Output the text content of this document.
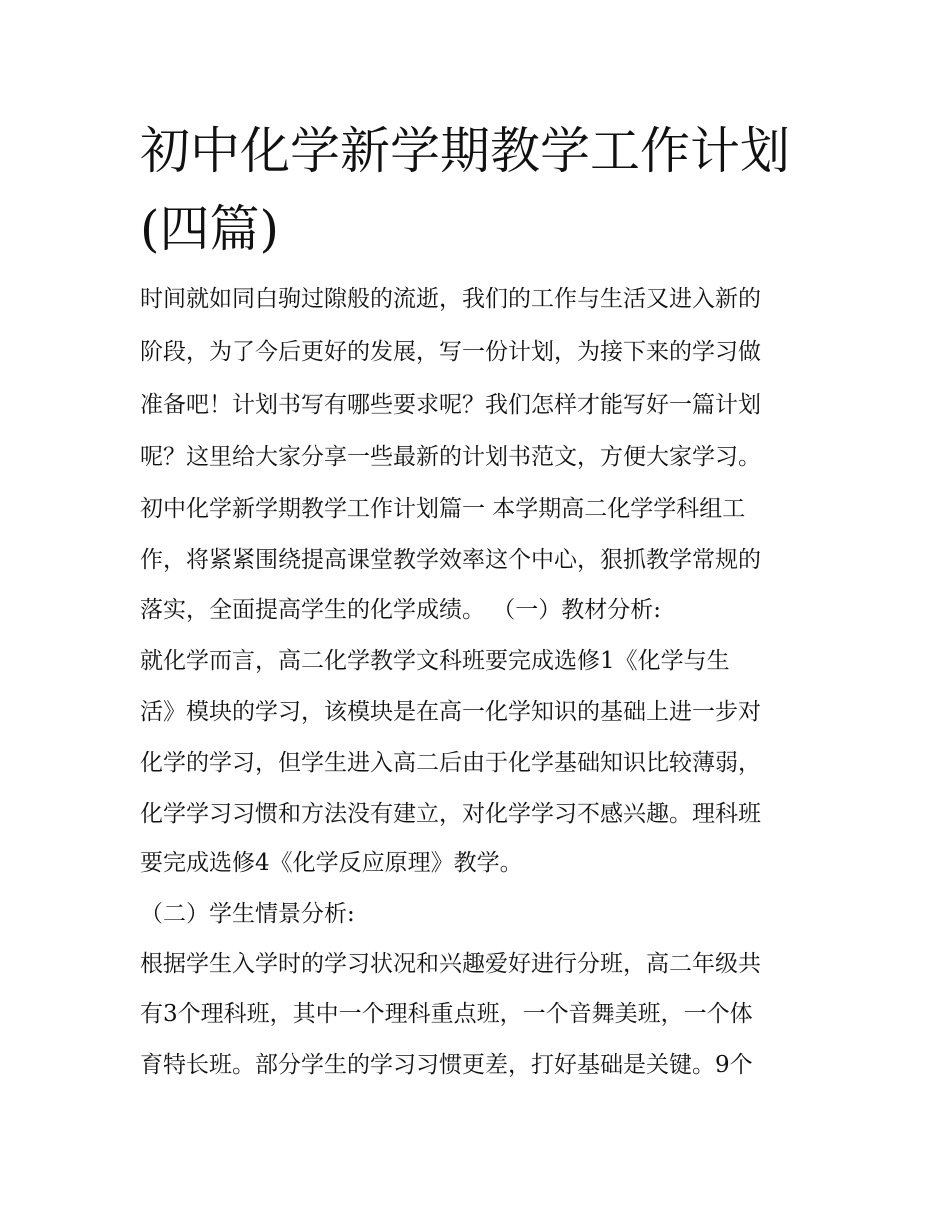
初中化学新学期教学工作计划
(四篇)

时间就如同白驹过隙般的流逝，我们的工作与生活又进入新的

阶段，为了今后更好的发展，写一份计划，为接下来的学习做

准备吧！计划书写有哪些要求呢？我们怎样才能写好一篇计划

呢？这里给大家分享一些最新的计划书范文，方便大家学习。

初中化学新学期教学工作计划篇一 本学期高二化学学科组工

作，将紧紧围绕提高课堂教学效率这个中心，狠抓教学常规的

落实，全面提高学生的化学成绩。 （一）教材分析:

就化学而言，高二化学教学文科班要完成选修1《化学与生

活》模块的学习，该模块是在高一化学知识的基础上进一步对

化学的学习，但学生进入高二后由于化学基础知识比较薄弱，

化学学习习惯和方法没有建立，对化学学习不感兴趣。理科班

要完成选修4《化学反应原理》教学。

（二）学生情景分析:

根据学生入学时的学习状况和兴趣爱好进行分班，高二年级共

有3个理科班，其中一个理科重点班，一个音舞美班，一个体

育特长班。部分学生的学习习惯更差，打好基础是关键。9个
